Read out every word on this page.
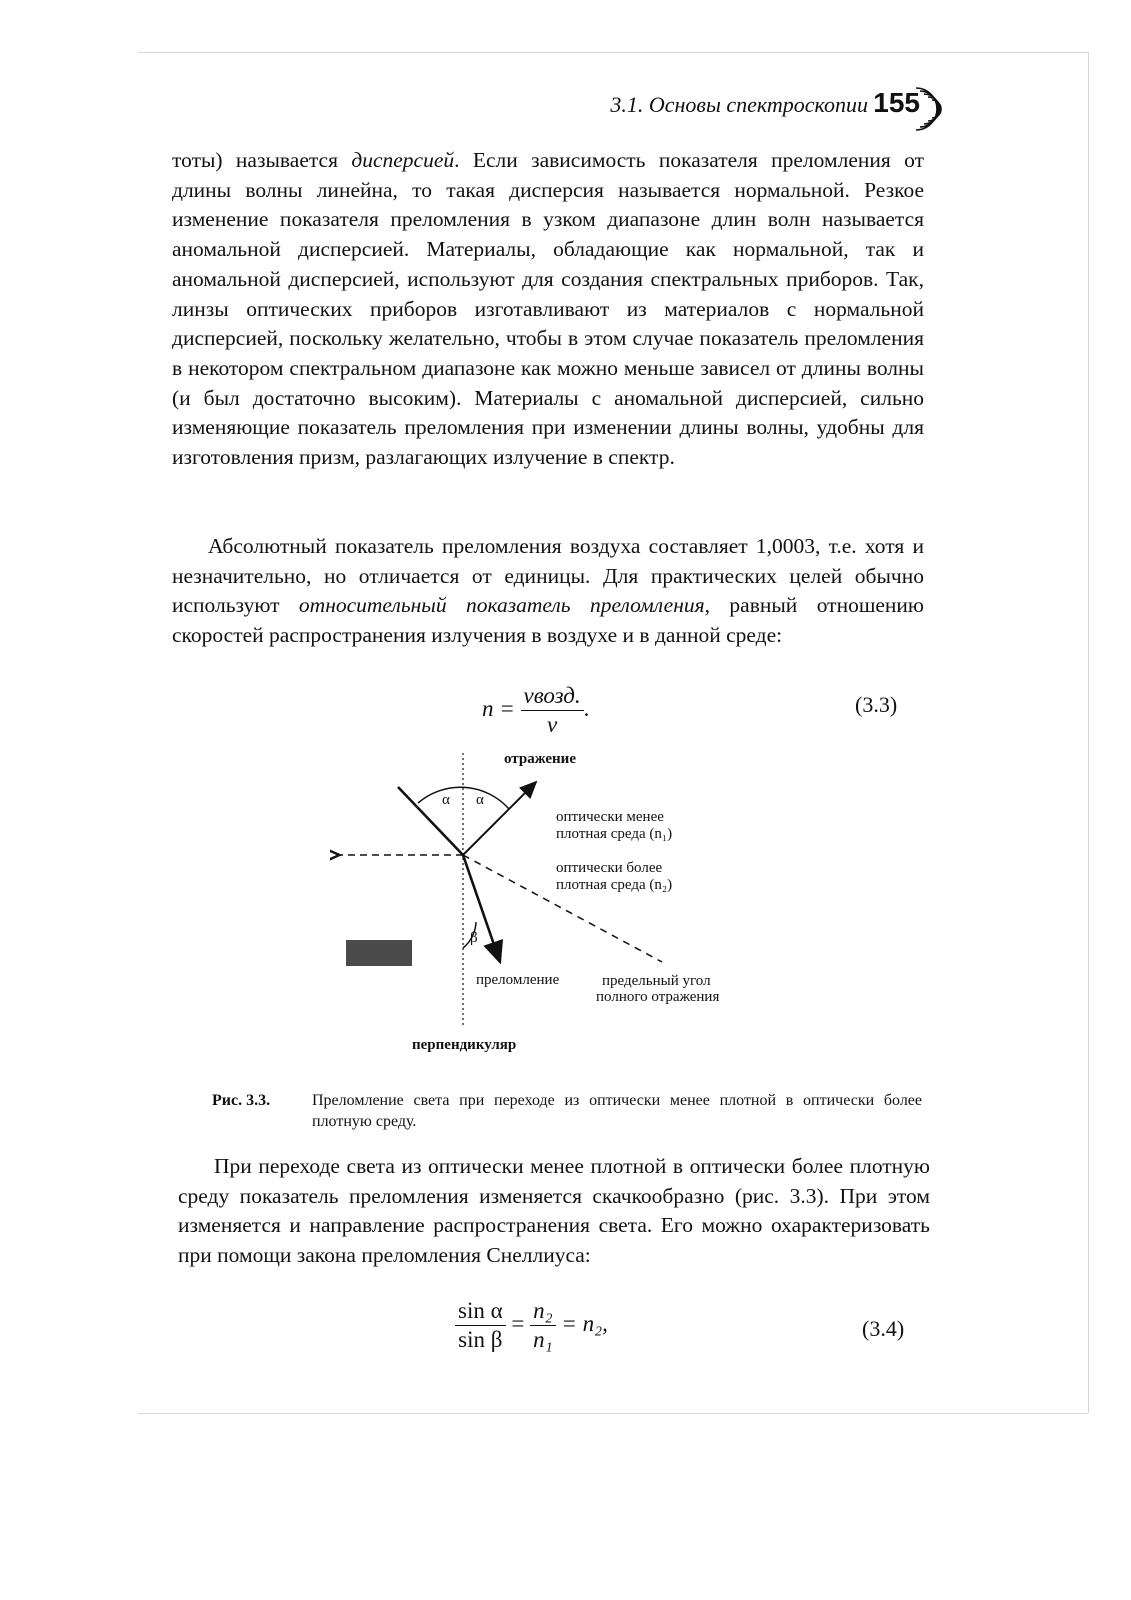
3.1. Основы спектроскопии 155

тоты) называется дисперсией. Если зависимость показателя преломления от длины волны линейна, то такая дисперсия называется нормальной. Резкое изменение показателя преломления в узком диапазоне длин волн называется аномальной дисперсией. Материалы, обладающие как нормальной, так и аномальной дисперсией, используют для создания спектральных приборов. Так, линзы оптических приборов изготавливают из материалов с нормальной дисперсией, поскольку желательно, чтобы в этом случае показатель преломления в некотором спектральном диапазоне как можно меньше зависел от длины волны (и был достаточно высоким). Материалы с аномальной дисперсией, сильно изменяющие показатель преломления при изменении длины волны, удобны для изготовления призм, разлагающих излучение в спектр.

Абсолютный показатель преломления воздуха составляет 1,0003, т.е. хотя и незначительно, но отличается от единицы. Для практических целей обычно используют относительный показатель преломления, равный отношению скоростей распространения излучения в воздухе и в данной среде:

$n = \frac{\text{vвозд.}}{v}$ .	(3.3)
отражение
α α
оптически менее
плотная среда (n₁)
оптически более
плотная среда (n₂)
β
преломление	предельный угол
полного отражения
перпендикуляр
Рис. 3.3.	Преломление света при переходе из оптически менее плотной в оптически более плотную среду.

При переходе света из оптически менее плотной в оптически более плотную среду показатель преломления изменяется скачкообразно (рис. 3.3). При этом изменяется и направление распространения света. Его можно охарактеризовать при помощи закона преломления Снеллиуса:

$\frac{\text{sin α}}{\text{sin β}} = \frac{\text{n₂}}{\text{n₁}} = n_2$,	(3.4)
